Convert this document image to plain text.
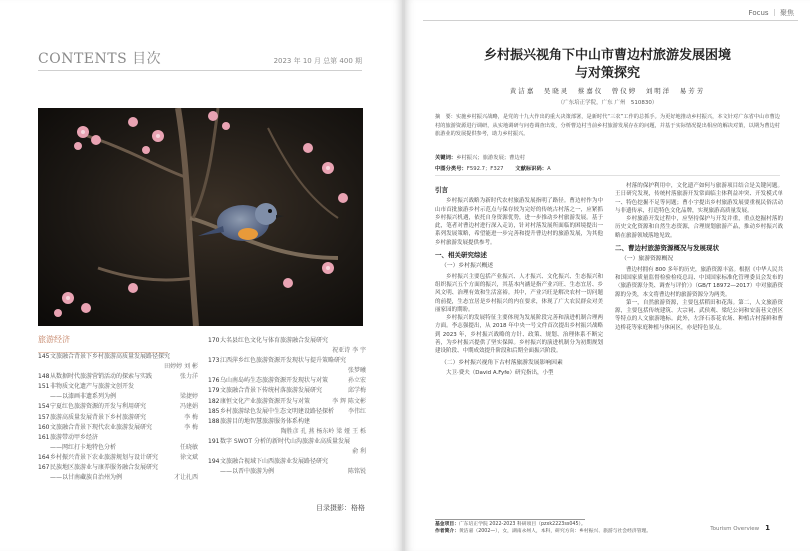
CONTENTS 目次	2023 年 10 月 总第 400 期
旅游经济
145 文旅融合背景下乡村旅游高质量发展路径探究
田婷婷 刘 彬
148 从数据时代旅游营销活动的探索与实践	张力洋
151 非物质文化遗产与旅游文创开发
——以漆画非遗系列为例	梁捷婷
154 宁夏红色旅游资源的开发与利用研究	冯建娟
157 旅游高质量发展背景下乡村旅游研究	李 梅
160 文旅融合背景下现代农业旅游发展研究	李 梅
161 旅游带动甲乡经济
——网红打卡地特色分析	任晓敏
164 乡村振兴背景下农业旅游规划与设计研究	徐文斌
167 民族地区旅游业与康养服务融合发展研究
——以甘南藏族自治州为例	才让扎西
170 大名县红色文化与体育旅游融合发展研究
祝亚诗 李 宇
173 江西萍乡红色旅游资源开发现状与提升策略研究
张梦曦
176 乌山南岛屿生态旅游资源开发现状与对策	孙立宏
179 文旅融合背景下传统村落旅游发展研究	邱学梅
182 康恒文化产业旅游资源开发与对策	李 辉 陈文彬
185 乡村旅游绿色发展中生态文明建设路径探析	李伟红
188 旅游目的地智慧旅游服务体系构建
陶胜彦 孔 燕 杨东岭 梁 娅 王 栎
191 数字 SWOT 分析的新时代山沟旅游业高质量发展
俞 利
194 文旅融合视域下山西旅游业发展路径研究
——以晋中旅游为例	陈铭锐
目录摄影：格格
Focus ｜ 聚焦
乡村振兴视角下中山市曹边村旅游发展困境
与对策探究
黄洁嘉　吴晓灵　蔡嘉仪　曾仪婷　刘明洋　易芳芳
（广东培正学院，广东 广州　510830）
摘　要：实施乡村振兴战略，是党的十九大作出的重大决策部署，是新时代“三农”工作的总抓手。为更好地推动乡村振兴，本文针对广东省中山市曹边村的旅游资源进行调研，从实地调研与问卷调查出发，分析曹边村当前乡村旅游发展存在的问题，并基于实际情况提出相应的解决对策，以期为曹边村旅游业的发展提供参考，助力乡村振兴。
关键词：乡村振兴；旅游发展；曹边村
中图分类号：F592.7；F327 文献标识码：A
引言

乡村振兴战略为新时代农村旅游发展指明了路径。曹边村作为中山市首批旅游乡村示范点与保存较为完好的传统古村落之一，应紧抓乡村振兴机遇，依托自身资源优势，进一步推动乡村旅游发展。基于此，笔者对曹边村进行深入走访，针对村落发展所面临的困境提出一系列发展策略，希望能进一步完善和提升曹边村的旅游发展，为其他乡村旅游发展提供参考。

一、相关研究综述
（一）乡村振兴概述

乡村振兴主要包括产业振兴、人才振兴、文化振兴、生态振兴和组织振兴五个方面的振兴，其基本内涵是指产业兴旺、生态宜居、乡风文明、治理有效和生活富裕。其中，产业兴旺是解决农村一切问题的前提，生态宜居是乡村振兴的内在要求，体现了广大农民群众对美丽家园的期盼。

乡村振兴的发展特征主要体现为发展阶段完善和演进机制合理两方面。李志强提出，从 2018 年中央一号文件首次提出乡村振兴战略到 2023 年，乡村振兴战略的方针、政策、规划、治理体系不断完善，为乡村振兴提供了坚实保障。乡村振兴的演进机制分为初期规划建设阶段、中期成效提升阶段和后期全面振兴阶段。

（二）乡村振兴视角下古村落旅游发展影响因素

大卫·费夫（David A.Fyfe）研究指出，小型

村落的保护利用中，文化遗产如何与旅游项目结合是关键问题。王日研究发现，传统村落旅游开发常面临主体利益冲突、开发模式单一、特色挖掘不足等问题；曹小宇提出乡村旅游发展要重视民俗活动与非遗传承，打造特色文化品牌，实现旅游高质量发展。

乡村旅游开发过程中，应坚持保护与开发并重，重点挖掘村落的历史文化资源和自然生态资源，合理规划旅游产品，推动乡村振兴战略在旅游领域落地见效。

二、曹边村旅游资源概况与发展现状
（一）旅游资源概况

曹边村拥有 800 多年的历史，旅游资源丰富。根据《中华人民共和国国家质量监督检验检疫总局、中国国家标准化管理委员会发布的〈旅游资源分类、调查与评价〉》（GB/T 18972—2017）中对旅游资源的分类，本文将曹边村的旅游资源分为两类。

第一，自然旅游资源，主要包括稻田和花海。第二，人文旅游资源，主要包括传统建筑、大宗祠、武侯观、梁纪公祠和安南巷文创区等特点的人文旅游地标。此外，左泽石茶花农场、种植古村落鲜和曹边桥花等家庭种植与休闲区，亦是特色景点。

基金项目：广东培正学院 2022-2023 科研项目（pzxk2223ss045）。
作者简介：黄洁嘉（2002—），女，湖南永州人，本科，研究方向：乡村振兴、旅游与社会经济管理。	Tourism Overview 1
